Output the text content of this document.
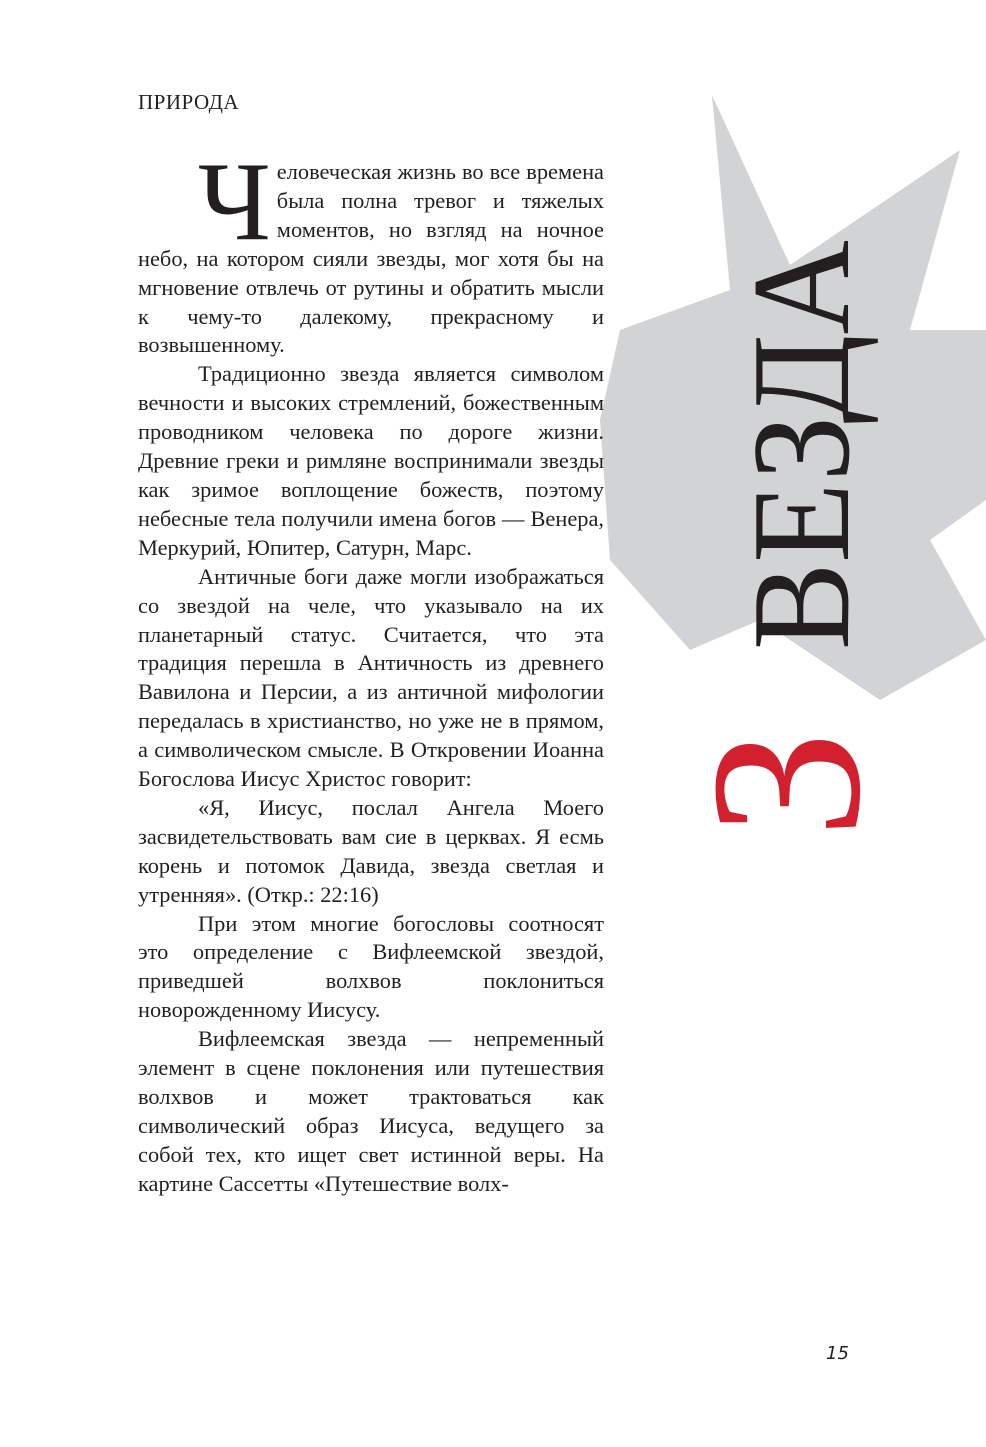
ПРИРОДА

Человеческая жизнь во все времена была полна тревог и тяжелых моментов, но взгляд на ночное небо, на котором сияли звезды, мог хотя бы на мгновение отвлечь от рутины и обратить мысли к чему-то далекому, прекрасному и возвышенному.

Традиционно звезда является символом вечности и высоких стремлений, божественным проводником человека по дороге жизни. Древние греки и римляне воспринимали звезды как зримое воплощение божеств, поэтому небесные тела получили имена богов — Венера, Меркурий, Юпитер, Сатурн, Марс.

Античные боги даже могли изображаться со звездой на челе, что указывало на их планетарный статус. Считается, что эта традиция перешла в Античность из древнего Вавилона и Персии, а из античной мифологии передалась в христианство, но уже не в прямом, а символическом смысле. В Откровении Иоанна Богослова Иисус Христос говорит:

«Я, Иисус, послал Ангела Моего засвидетельствовать вам сие в церквах. Я есмь корень и потомок Давида, звезда светлая и утренняя». (Откр.: 22:16)

При этом многие богословы соотносят это определение с Вифлеемской звездой, приведшей волхвов поклониться новорожденному Иисусу.

Вифлеемская звезда — непременный элемент в сцене поклонения или путешествия волхвов и может трактоваться как символический образ Иисуса, ведущего за собой тех, кто ищет свет истинной веры. На картине Сассетты «Путешествие волх-

ВЕЗДА
З

15
